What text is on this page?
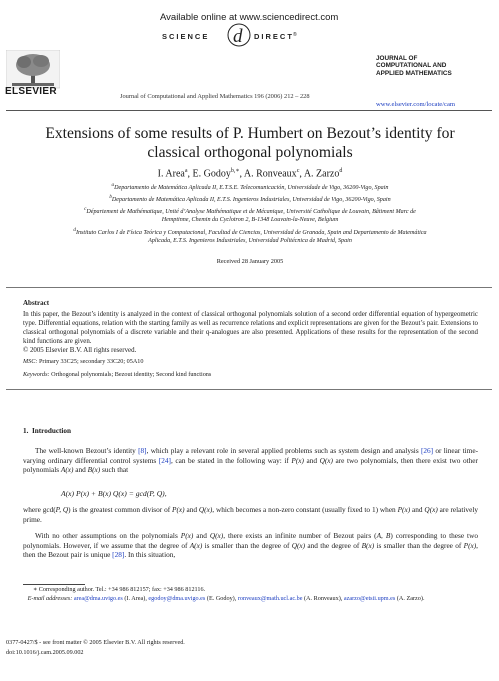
Available online at www.sciencedirect.com
SCIENCE d DIRECT ®
ELSEVIER	Journal of Computational and Applied Mathematics 196 (2006) 212 – 228
JOURNAL OF
COMPUTATIONAL AND
APPLIED MATHEMATICS
www.elsevier.com/locate/cam
Extensions of some results of P. Humbert on Bezout’s identity for
classical orthogonal polynomials
I. Area$^a$, E. Godoy$^{b,∗}$, A. Ronveaux$^c$, A. Zarzo$^d$
$^a$Departamento de Matemática Aplicada II, E.T.S.E. Telecomunicación, Universidade de Vigo, 36200-Vigo, Spain
$^b$Departamento de Matemática Aplicada II, E.T.S. Ingenieros Industriales, Universidad de Vigo, 36200-Vigo, Spain
$^c$Département de Mathématique, Unité d’Analyse Mathématique et de Mécanique, Université Catholique de Louvain, Bâtiment Marc de
Hemptinne, Chemin du Cyclotron 2, B-1348 Louvain-la-Neuve, Belgium
$^d$Instituto Carlos I de Física Teórica y Computacional, Facultad de Ciencias, Universidad de Granada, Spain and Departamento de Matemática
Aplicada, E.T.S. Ingenieros Industriales, Universidad Politécnica de Madrid, Spain
Received 28 January 2005
Abstract
In this paper, the Bezout’s identity is analyzed in the context of classical orthogonal polynomials solution of a second order differential equation of hypergeometric type. Differential equations, relation with the starting family as well as recurrence relations and explicit representations are given for the Bezout’s pair. Extensions to classical orthogonal polynomials of a discrete variable and their q-analogues are also presented. Applications of these results for the representation of the second kind functions are given.
© 2005 Elsevier B.V. All rights reserved.
MSC: Primary 33C25; secondary 33C20; 05A10
Keywords: Orthogonal polynomials; Bezout identity; Second kind functions
1. Introduction
The well-known Bezout’s identity [8], which play a relevant role in several applied problems such as system design and analysis [26] or linear time-varying ordinary differential control systems [24], can be stated in the following way: if P(x) and Q(x) are two polynomials, then there exist two other polynomials A(x) and B(x) such that
A(x) P(x) + B(x) Q(x) = gcd(P, Q),
where gcd(P, Q) is the greatest common divisor of P(x) and Q(x), which becomes a non-zero constant (usually fixed to 1) when P(x) and Q(x) are relatively prime.
With no other assumptions on the polynomials P(x) and Q(x), there exists an infinite number of Bezout pairs (A, B) corresponding to these two polynomials. However, if we assume that the degree of A(x) is smaller than the degree of Q(x) and the degree of B(x) is smaller than the degree of P(x), then the Bezout pair is unique [28]. In this situation,
∗ Corresponding author. Tel.: +34 986 812157; fax: +34 986 812116.
E-mail addresses: area@dma.uvigo.es (I. Area), egodoy@dma.uvigo.es (E. Godoy), ronveaux@math.ucl.ac.be (A. Ronveaux), azarzo@etsii.upm.es (A. Zarzo).
0377-0427/$ - see front matter © 2005 Elsevier B.V. All rights reserved.
doi:10.1016/j.cam.2005.09.002
